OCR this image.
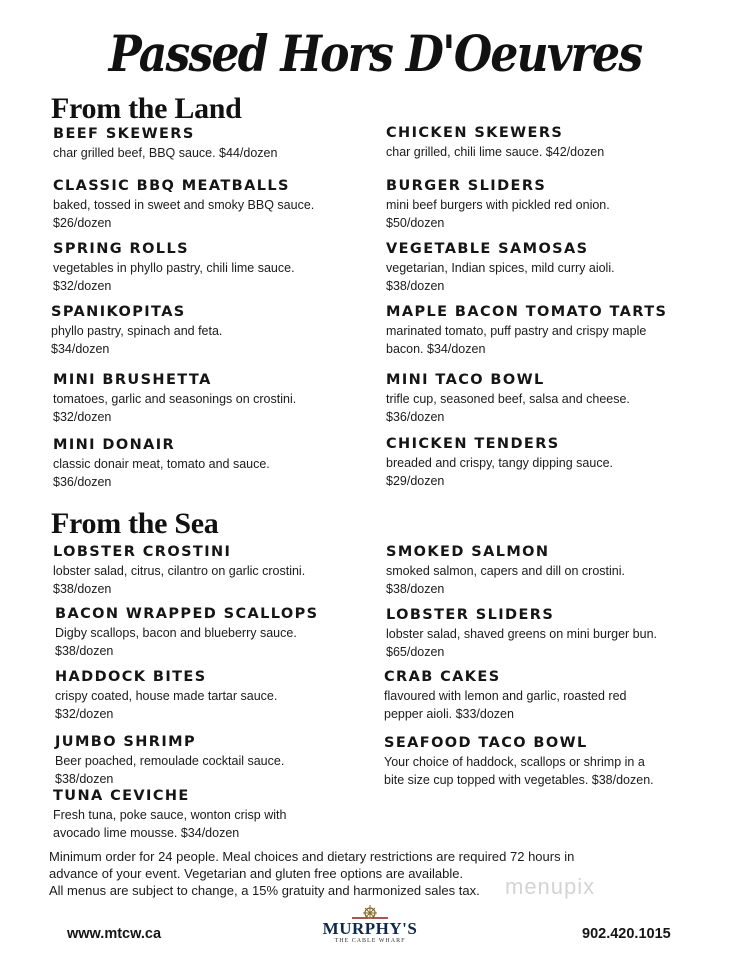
Passed Hors D'Oeuvres
From the Land
BEEF SKEWERS
char grilled beef, BBQ sauce. $44/dozen
CHICKEN SKEWERS
char grilled, chili lime sauce. $42/dozen
CLASSIC BBQ MEATBALLS
baked, tossed in sweet and smoky BBQ sauce.
$26/dozen
BURGER SLIDERS
mini beef burgers with pickled red onion.
$50/dozen
SPRING ROLLS
vegetables in phyllo pastry, chili lime sauce.
$32/dozen
VEGETABLE SAMOSAS
vegetarian, Indian spices, mild curry aioli.
$38/dozen
SPANIKOPITAS
phyllo pastry, spinach and feta.
$34/dozen
MAPLE BACON TOMATO TARTS
marinated tomato, puff pastry and crispy maple
bacon. $34/dozen
MINI BRUSHETTA
tomatoes, garlic and seasonings on crostini.
$32/dozen
MINI TACO BOWL
trifle cup, seasoned beef, salsa and cheese.
$36/dozen
MINI DONAIR
classic donair meat, tomato and sauce.
$36/dozen
CHICKEN TENDERS
breaded and crispy, tangy dipping sauce.
$29/dozen
From the Sea
LOBSTER CROSTINI
lobster salad, citrus, cilantro on garlic crostini.
$38/dozen
SMOKED SALMON
smoked salmon, capers and dill on crostini.
$38/dozen
BACON WRAPPED SCALLOPS
Digby scallops, bacon and blueberry sauce.
$38/dozen
LOBSTER SLIDERS
lobster salad, shaved greens on mini burger bun.
$65/dozen
HADDOCK BITES
crispy coated, house made tartar sauce.
$32/dozen
CRAB CAKES
flavoured with lemon and garlic, roasted red
pepper aioli. $33/dozen
JUMBO SHRIMP
Beer poached, remoulade cocktail sauce.
$38/dozen
SEAFOOD TACO BOWL
Your choice of haddock, scallops or shrimp in a
bite size cup topped with vegetables. $38/dozen.
TUNA CEVICHE
Fresh tuna, poke sauce, wonton crisp with
avocado lime mousse. $34/dozen
Minimum order for 24 people. Meal choices and dietary restrictions are required 72 hours in
advance of your event. Vegetarian and gluten free options are available.
All menus are subject to change, a 15% gratuity and harmonized sales tax.	menupix
www.mtcw.ca	MURPHY'S
THE CABLE WHARF	902.420.1015
